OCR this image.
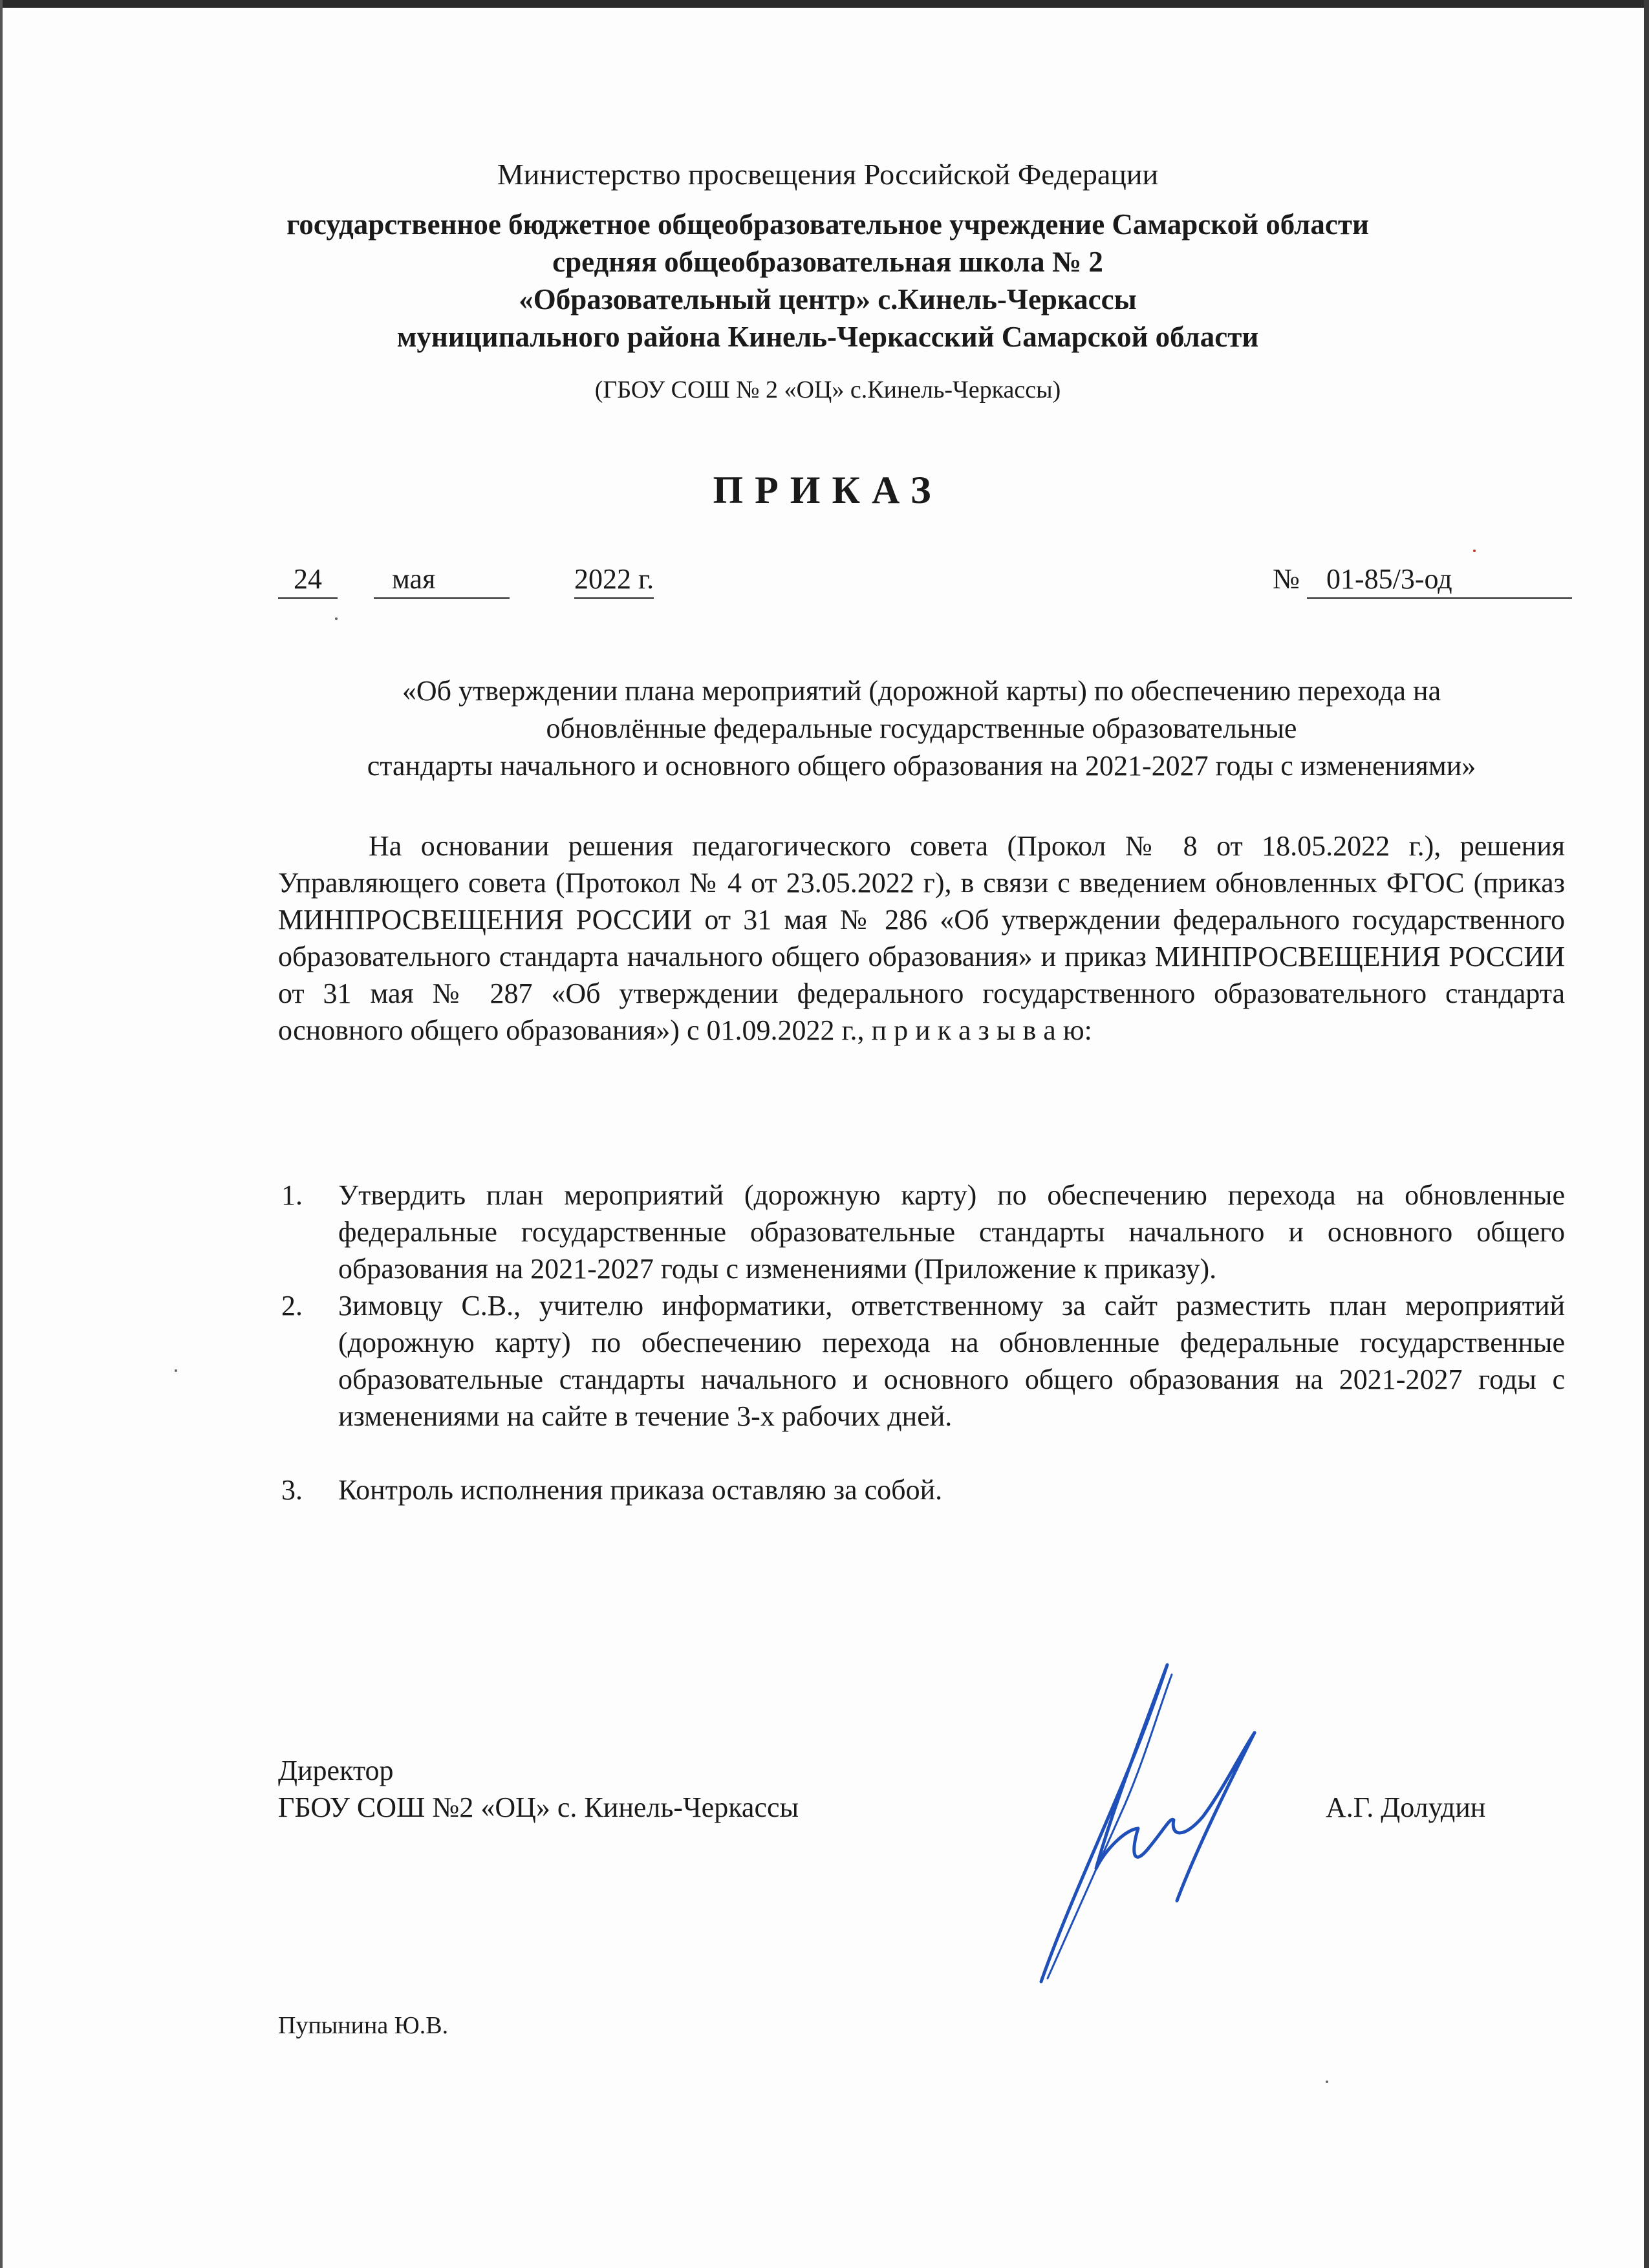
Министерство просвещения Российской Федерации
государственное бюджетное общеобразовательное учреждение Самарской области
средняя общеобразовательная школа № 2
«Образовательный центр» с.Кинель-Черкассы
муниципального района Кинель-Черкасский Самарской области
(ГБОУ СОШ № 2 «ОЦ» с.Кинель-Черкассы)
ПРИКАЗ
24	мая	2022 г.	№ 01-85/3-од
«Об утверждении плана мероприятий (дорожной карты) по обеспечению перехода на
обновлённые федеральные государственные образовательные
стандарты начального и основного общего образования на 2021-2027 годы с изменениями»
На основании решения педагогического совета (Прокол № 8 от 18.05.2022 г.), решения Управляющего совета (Протокол № 4 от 23.05.2022 г), в связи с введением обновленных ФГОС (приказ МИНПРОСВЕЩЕНИЯ РОССИИ от 31 мая № 286 «Об утверждении федерального государственного образовательного стандарта начального общего образования» и приказ МИНПРОСВЕЩЕНИЯ РОССИИ от 31 мая № 287 «Об утверждении федерального государственного образовательного стандарта основного общего образования») с 01.09.2022 г., п р и к а з ы в а ю:
1. Утвердить план мероприятий (дорожную карту) по обеспечению перехода на обновленные федеральные государственные образовательные стандарты начального и основного общего образования на 2021-2027 годы с изменениями (Приложение к приказу).
2. Зимовцу С.В., учителю информатики, ответственному за сайт разместить план мероприятий (дорожную карту) по обеспечению перехода на обновленные федеральные государственные образовательные стандарты начального и основного общего образования на 2021-2027 годы с изменениями на сайте в течение 3-х рабочих дней.
3. Контроль исполнения приказа оставляю за собой.
Директор
ГБОУ СОШ №2 «ОЦ» с. Кинель-Черкассы	А.Г. Долудин
Пупынина Ю.В.
